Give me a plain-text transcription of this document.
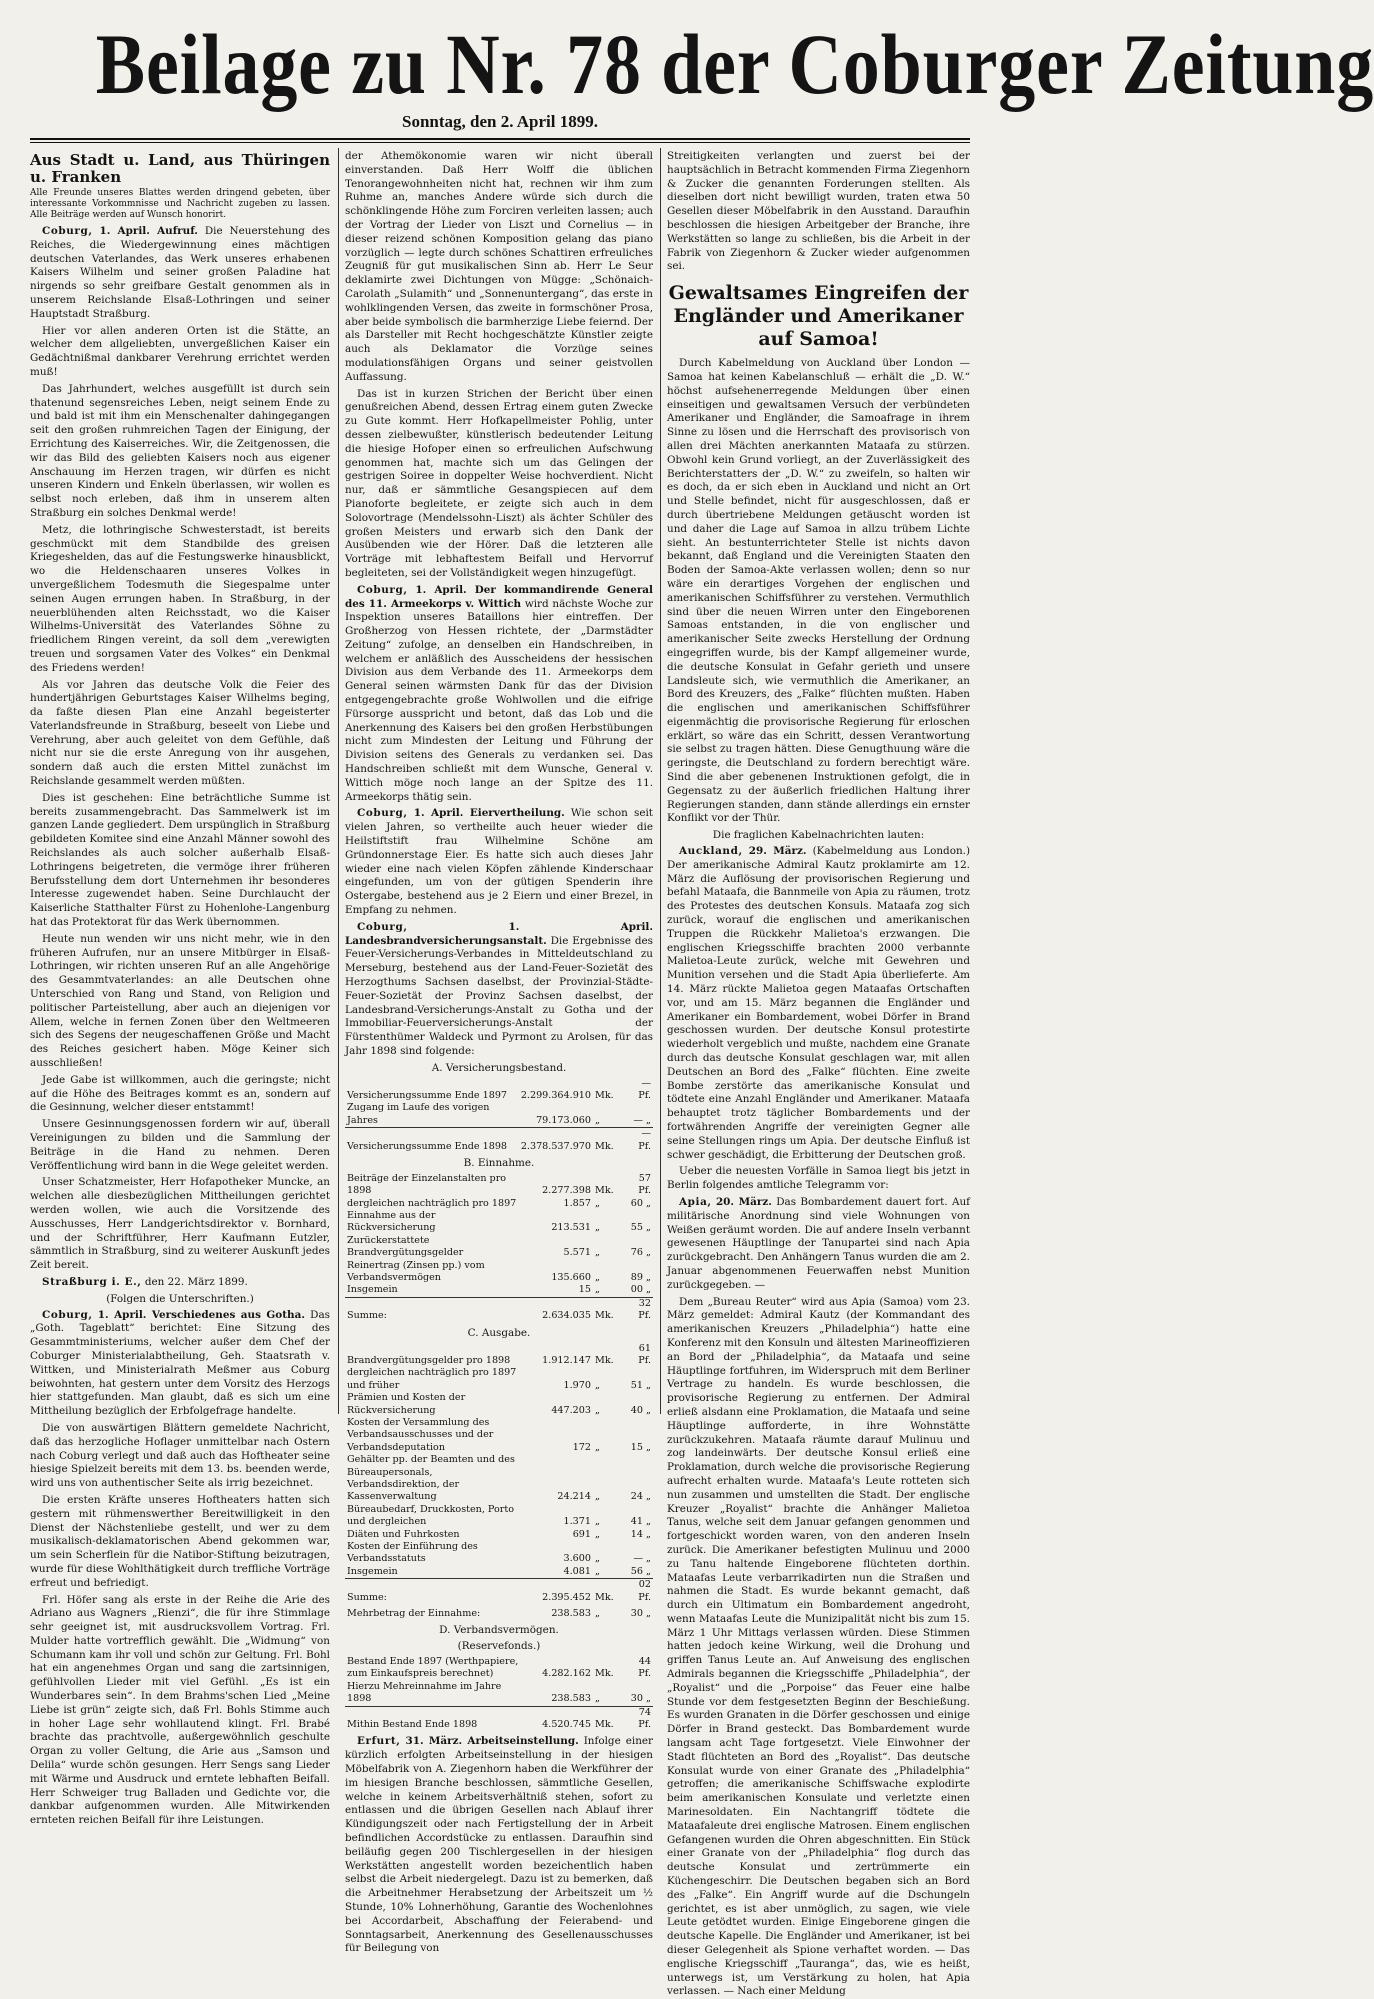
Beilage zu Nr. 78 der Coburger Zeitung
Sonntag, den 2. April 1899.

Aus Stadt u. Land, aus Thüringen u. Franken

Alle Freunde unseres Blattes werden dringend gebeten, über interessante Vorkommnisse und Nachricht zugeben zu lassen. Alle Beiträge werden auf Wunsch honorirt.

Coburg, 1. April. Aufruf. Die Neuerstehung des Reiches, die Wiedergewinnung eines mächtigen deutschen Vaterlandes, das Werk unseres erhabenen Kaisers Wilhelm und seiner großen Paladine hat nirgends so sehr greifbare Gestalt genommen als in unserem Reichslande Elsaß-Lothringen und seiner Hauptstadt Straßburg.

Hier vor allen anderen Orten ist die Stätte, an welcher dem allgeliebten, unvergeßlichen Kaiser ein Gedächtnißmal dankbarer Verehrung errichtet werden muß!

Das Jahrhundert, welches ausgefüllt ist durch sein thatenund segensreiches Leben, neigt seinem Ende zu und bald ist mit ihm ein Menschenalter dahingegangen seit den großen ruhmreichen Tagen der Einigung, der Errichtung des Kaiserreiches. Wir, die Zeitgenossen, die wir das Bild des geliebten Kaisers noch aus eigener Anschauung im Herzen tragen, wir dürfen es nicht unseren Kindern und Enkeln überlassen, wir wollen es selbst noch erleben, daß ihm in unserem alten Straßburg ein solches Denkmal werde!

Metz, die lothringische Schwesterstadt, ist bereits geschmückt mit dem Standbilde des greisen Kriegeshelden, das auf die Festungswerke hinausblickt, wo die Heldenschaaren unseres Volkes in unvergeßlichem Todesmuth die Siegespalme unter seinen Augen errungen haben. In Straßburg, in der neuerblühenden alten Reichsstadt, wo die Kaiser Wilhelms-Universität des Vaterlandes Söhne zu friedlichem Ringen vereint, da soll dem „verewigten treuen und sorgsamen Vater des Volkes“ ein Denkmal des Friedens werden!

Als vor Jahren das deutsche Volk die Feier des hundertjährigen Geburtstages Kaiser Wilhelms beging, da faßte diesen Plan eine Anzahl begeisterter Vaterlandsfreunde in Straßburg, beseelt von Liebe und Verehrung, aber auch geleitet von dem Gefühle, daß nicht nur sie die erste Anregung von ihr ausgehen, sondern daß auch die ersten Mittel zunächst im Reichslande gesammelt werden müßten.

Dies ist geschehen: Eine beträchtliche Summe ist bereits zusammengebracht. Das Sammelwerk ist im ganzen Lande gegliedert. Dem urspünglich in Straßburg gebildeten Komitee sind eine Anzahl Männer sowohl des Reichslandes als auch solcher außerhalb Elsaß-Lothringens beigetreten, die vermöge ihrer früheren Berufsstellung dem dort Unternehmen ihr besonderes Interesse zugewendet haben. Seine Durchlaucht der Kaiserliche Statthalter Fürst zu Hohenlohe-Langenburg hat das Protektorat für das Werk übernommen.

Heute nun wenden wir uns nicht mehr, wie in den früheren Aufrufen, nur an unsere Mitbürger in Elsaß-Lothringen, wir richten unseren Ruf an alle Angehörige des Gesammtvaterlandes: an alle Deutschen ohne Unterschied von Rang und Stand, von Religion und politischer Parteistellung, aber auch an diejenigen vor Allem, welche in fernen Zonen über den Weltmeeren sich des Segens der neugeschaffenen Größe und Macht des Reiches gesichert haben. Möge Keiner sich ausschließen!

Jede Gabe ist willkommen, auch die geringste; nicht auf die Höhe des Beitrages kommt es an, sondern auf die Gesinnung, welcher dieser entstammt!

Unsere Gesinnungsgenossen fordern wir auf, überall Vereinigungen zu bilden und die Sammlung der Beiträge in die Hand zu nehmen. Deren Veröffentlichung wird bann in die Wege geleitet werden.

Unser Schatzmeister, Herr Hofapotheker Muncke, an welchen alle diesbezüglichen Mittheilungen gerichtet werden wollen, wie auch die Vorsitzende des Ausschusses, Herr Landgerichtsdirektor v. Bornhard, und der Schriftführer, Herr Kaufmann Eutzler, sämmtlich in Straßburg, sind zu weiterer Auskunft jedes Zeit bereit.

Straßburg i. E., den 22. März 1899.

(Folgen die Unterschriften.)

Coburg, 1. April. Verschiedenes aus Gotha. Das „Goth. Tageblatt“ berichtet: Eine Sitzung des Gesammtministeriums, welcher außer dem Chef der Coburger Ministerialabtheilung, Geh. Staatsrath v. Wittken, und Ministerialrath Meßmer aus Coburg beiwohnten, hat gestern unter dem Vorsitz des Herzogs hier stattgefunden. Man glaubt, daß es sich um eine Mittheilung bezüglich der Erbfolgefrage handelte.

Die von auswärtigen Blättern gemeldete Nachricht, daß das herzogliche Hoflager unmittelbar nach Ostern nach Coburg verlegt und daß auch das Hoftheater seine hiesige Spielzeit bereits mit dem 13. bs. beenden werde, wird uns von authentischer Seite als irrig bezeichnet.

Die ersten Kräfte unseres Hoftheaters hatten sich gestern mit rühmenswerther Bereitwilligkeit in den Dienst der Nächstenliebe gestellt, und wer zu dem musikalisch-deklamatorischen Abend gekommen war, um sein Scherflein für die Natibor-Stiftung beizutragen, wurde für diese Wohlthätigkeit durch treffliche Vorträge erfreut und befriedigt.

Frl. Höfer sang als erste in der Reihe die Arie des Adriano aus Wagners „Rienzi“, die für ihre Stimmlage sehr geeignet ist, mit ausdrucksvollem Vortrag. Frl. Mulder hatte vortrefflich gewählt. Die „Widmung“ von Schumann kam ihr voll und schön zur Geltung. Frl. Bohl hat ein angenehmes Organ und sang die zartsinnigen, gefühlvollen Lieder mit viel Gefühl. „Es ist ein Wunderbares sein“. In dem Brahms'schen Lied „Meine Liebe ist grün“ zeigte sich, daß Frl. Bohls Stimme auch in hoher Lage sehr wohllautend klingt. Frl. Brabé brachte das prachtvolle, außergewöhnlich geschulte Organ zu voller Geltung, die Arie aus „Samson und Delila“ wurde schön gesungen. Herr Sengs sang Lieder mit Wärme und Ausdruck und erntete lebhaften Beifall. Herr Schweiger trug Balladen und Gedichte vor, die dankbar aufgenommen wurden. Alle Mitwirkenden ernteten reichen Beifall für ihre Leistungen.

der Athemökonomie waren wir nicht überall einverstanden. Daß Herr Wolff die üblichen Tenorangewohnheiten nicht hat, rechnen wir ihm zum Ruhme an, manches Andere würde sich durch die schönklingende Höhe zum Forciren verleiten lassen; auch der Vortrag der Lieder von Liszt und Cornelius — in dieser reizend schönen Komposition gelang das piano vorzüglich — legte durch schönes Schattiren erfreuliches Zeugniß für gut musikalischen Sinn ab. Herr Le Seur deklamirte zwei Dichtungen von Mügge: „Schönaich-Carolath „Sulamith“ und „Sonnenuntergang“, das erste in wohlklingenden Versen, das zweite in formschöner Prosa, aber beide symbolisch die barmherzige Liebe feiernd. Der als Darsteller mit Recht hochgeschätzte Künstler zeigte auch als Deklamator die Vorzüge seines modulationsfähigen Organs und seiner geistvollen Auffassung.

Das ist in kurzen Strichen der Bericht über einen genußreichen Abend, dessen Ertrag einem guten Zwecke zu Gute kommt. Herr Hofkapellmeister Pohlig, unter dessen zielbewußter, künstlerisch bedeutender Leitung die hiesige Hofoper einen so erfreulichen Aufschwung genommen hat, machte sich um das Gelingen der gestrigen Soiree in doppelter Weise hochverdient. Nicht nur, daß er sämmtliche Gesangspiecen auf dem Pianoforte begleitete, er zeigte sich auch in dem Solovortrage (Mendelssohn-Liszt) als ächter Schüler des großen Meisters und erwarb sich den Dank der Ausübenden wie der Hörer. Daß die letzteren alle Vorträge mit lebhaftestem Beifall und Hervorruf begleiteten, sei der Vollständigkeit wegen hinzugefügt.

Coburg, 1. April. Der kommandirende General des 11. Armeekorps v. Wittich wird nächste Woche zur Inspektion unseres Bataillons hier eintreffen. Der Großherzog von Hessen richtete, der „Darmstädter Zeitung“ zufolge, an denselben ein Handschreiben, in welchem er anläßlich des Ausscheidens der hessischen Division aus dem Verbande des 11. Armeekorps dem General seinen wärmsten Dank für das der Division entgegengebrachte große Wohlwollen und die eifrige Fürsorge ausspricht und betont, daß das Lob und die Anerkennung des Kaisers bei den großen Herbstübungen nicht zum Mindesten der Leitung und Führung der Division seitens des Generals zu verdanken sei. Das Handschreiben schließt mit dem Wunsche, General v. Wittich möge noch lange an der Spitze des 11. Armeekorps thätig sein.

Coburg, 1. April. Eiervertheilung. Wie schon seit vielen Jahren, so vertheilte auch heuer wieder die Heilstiftstift frau Wilhelmine Schöne am Gründonnerstage Eier. Es hatte sich auch dieses Jahr wieder eine nach vielen Köpfen zählende Kinderschaar eingefunden, um von der gütigen Spenderin ihre Ostergabe, bestehend aus je 2 Eiern und einer Brezel, in Empfang zu nehmen.

Coburg,	1. April. Landesbrandversicherungsanstalt. Die Ergebnisse des Feuer-Versicherungs-Verbandes in Mitteldeutschland zu Merseburg, bestehend aus der Land-Feuer-Sozietät des Herzogthums Sachsen daselbst, der Provinzial-Städte-Feuer-Sozietät der Provinz Sachsen daselbst, der Landesbrand-Versicherungs-Anstalt zu Gotha und der Immobiliar-Feuerversicherungs-Anstalt der Fürstenthümer Waldeck und Pyrmont zu Arolsen, für das Jahr 1898 sind folgende:

A. Versicherungsbestand.

Versicherungssumme Ende 1897	2.299.364.910	Mk.	— Pf.
Zugang im Laufe des vorigen Jahres	79.173.060	„	— „
Versicherungssumme Ende 1898	2.378.537.970	Mk.	— Pf.

B. Einnahme.

Beiträge der Einzelanstalten pro 1898	2.277.398	Mk.	57 Pf.
dergleichen nachträglich pro 1897	1.857	„	60 „
Einnahme aus der Rückversicherung	213.531	„	55 „
Zurückerstattete Brandvergütungsgelder	5.571	„	76 „
Reinertrag (Zinsen pp.) vom Verbandsvermögen	135.660	„	89 „
Insgemein	15	„	00 „
Summe:	2.634.035	Mk.	32 Pf.

C. Ausgabe.

Brandvergütungsgelder pro 1898	1.912.147	Mk.	61 Pf.
dergleichen nachträglich pro 1897 und früher	1.970	„	51 „
Prämien und Kosten der Rückversicherung	447.203	„	40 „
Kosten der Versammlung des Verbandsausschusses und der Verbandsdeputation	172	„	15 „
Gehälter pp. der Beamten und des Büreaupersonals, Verbandsdirektion, der Kassenverwaltung	24.214	„	24 „
Büreaubedarf, Druckkosten, Porto und dergleichen	1.371	„	41 „
Diäten und Fuhrkosten	691	„	14 „
Kosten der Einführung des Verbandsstatuts	3.600	„	— „
Insgemein	4.081	„	56 „
Summe:	2.395.452	Mk.	02 Pf.
Mehrbetrag der Einnahme:	238.583	„	30 „

D. Verbandsvermögen.

(Reservefonds.)

Bestand Ende 1897 (Werthpapiere, zum Einkaufspreis berechnet)	4.282.162	Mk.	44 Pf.
Hierzu Mehreinnahme im Jahre 1898	238.583	„	30 „
Mithin Bestand Ende 1898	4.520.745	Mk.	74 Pf.

Erfurt, 31. März. Arbeitseinstellung. Infolge einer kürzlich erfolgten Arbeitseinstellung in der hiesigen Möbelfabrik von A. Ziegenhorn haben die Werkführer der im hiesigen Branche beschlossen, sämmtliche Gesellen, welche in keinem Arbeitsverhältniß stehen, sofort zu entlassen und die übrigen Gesellen nach Ablauf ihrer Kündigungszeit oder nach Fertigstellung der in Arbeit befindlichen Accordstücke zu entlassen. Daraufhin sind beiläufig gegen 200 Tischlergesellen in der hiesigen Werkstätten angestellt worden bezeichentlich haben selbst die Arbeit niedergelegt. Dazu ist zu bemerken, daß die Arbeitnehmer Herabsetzung der Arbeitszeit um ½ Stunde, 10% Lohnerhöhung, Garantie des Wochenlohnes bei Accordarbeit, Abschaffung der Feierabend- und Sonntagsarbeit, Anerkennung des Gesellenausschusses für Beilegung von

Streitigkeiten verlangten und zuerst bei der hauptsächlich in Betracht kommenden Firma Ziegenhorn & Zucker die genannten Forderungen stellten. Als dieselben dort nicht bewilligt wurden, traten etwa 50 Gesellen dieser Möbelfabrik in den Ausstand. Daraufhin beschlossen die hiesigen Arbeitgeber der Branche, ihre Werkstätten so lange zu schließen, bis die Arbeit in der Fabrik von Ziegenhorn & Zucker wieder aufgenommen sei.

Gewaltsames Eingreifen der Engländer und Amerikaner auf Samoa!

Durch Kabelmeldung von Auckland über London — Samoa hat keinen Kabelanschluß — erhält die „D. W.“ höchst aufsehenerregende Meldungen über einen einseitigen und gewaltsamen Versuch der verbündeten Amerikaner und Engländer, die Samoafrage in ihrem Sinne zu lösen und die Herrschaft des provisorisch von allen drei Mächten anerkannten Mataafa zu stürzen. Obwohl kein Grund vorliegt, an der Zuverlässigkeit des Berichterstatters der „D. W.“ zu zweifeln, so halten wir es doch, da er sich eben in Auckland und nicht an Ort und Stelle befindet, nicht für ausgeschlossen, daß er durch übertriebene Meldungen getäuscht worden ist und daher die Lage auf Samoa in allzu trübem Lichte sieht. An bestunterrichteter Stelle ist nichts davon bekannt, daß England und die Vereinigten Staaten den Boden der Samoa-Akte verlassen wollen; denn so nur wäre ein derartiges Vorgehen der englischen und amerikanischen Schiffsführer zu verstehen. Vermuthlich sind über die neuen Wirren unter den Eingeborenen Samoas entstanden, in die von englischer und amerikanischer Seite zwecks Herstellung der Ordnung eingegriffen wurde, bis der Kampf allgemeiner wurde, die deutsche Konsulat in Gefahr gerieth und unsere Landsleute sich, wie vermuthlich die Amerikaner, an Bord des Kreuzers, des „Falke“ flüchten mußten. Haben die englischen und amerikanischen Schiffsführer eigenmächtig die provisorische Regierung für erloschen erklärt, so wäre das ein Schritt, dessen Verantwortung sie selbst zu tragen hätten. Diese Genugthuung wäre die geringste, die Deutschland zu fordern berechtigt wäre. Sind die aber gebenenen Instruktionen gefolgt, die in Gegensatz zu der äußerlich friedlichen Haltung ihrer Regierungen standen, dann stände allerdings ein ernster Konflikt vor der Thür.

Die fraglichen Kabelnachrichten lauten:

Auckland, 29. März. (Kabelmeldung aus London.) Der amerikanische Admiral Kautz proklamirte am 12. März die Auflösung der provisorischen Regierung und befahl Mataafa, die Bannmeile von Apia zu räumen, trotz des Protestes des deutschen Konsuls. Mataafa zog sich zurück, worauf die englischen und amerikanischen Truppen die Rückkehr Malietoa's erzwangen. Die englischen Kriegsschiffe brachten 2000 verbannte Malietoa-Leute zurück, welche mit Gewehren und Munition versehen und die Stadt Apia überlieferte. Am 14. März rückte Malietoa gegen Mataafas Ortschaften vor, und am 15. März begannen die Engländer und Amerikaner ein Bombardement, wobei Dörfer in Brand geschossen wurden. Der deutsche Konsul protestirte wiederholt vergeblich und mußte, nachdem eine Granate durch das deutsche Konsulat geschlagen war, mit allen Deutschen an Bord des „Falke“ flüchten. Eine zweite Bombe zerstörte das amerikanische Konsulat und tödtete eine Anzahl Engländer und Amerikaner. Mataafa behauptet trotz täglicher Bombardements und der fortwährenden Angriffe der vereinigten Gegner alle seine Stellungen rings um Apia. Der deutsche Einfluß ist schwer geschädigt, die Erbitterung der Deutschen groß.

Ueber die neuesten Vorfälle in Samoa liegt bis jetzt in Berlin folgendes amtliche Telegramm vor:

Apia, 20. März. Das Bombardement dauert fort. Auf militärische Anordnung sind viele Wohnungen von Weißen geräumt worden. Die auf andere Inseln verbannt gewesenen Häuptlinge der Tanupartei sind nach Apia zurückgebracht. Den Anhängern Tanus wurden die am 2. Januar abgenommenen Feuerwaffen nebst Munition zurückgegeben. —

Dem „Bureau Reuter“ wird aus Apia (Samoa) vom 23. März gemeldet: Admiral Kautz (der Kommandant des amerikanischen Kreuzers „Philadelphia“) hatte eine Konferenz mit den Konsuln und ältesten Marineoffizieren an Bord der „Philadelphia“, da Mataafa und seine Häuptlinge fortfuhren, im Widerspruch mit dem Berliner Vertrage zu handeln. Es wurde beschlossen, die provisorische Regierung zu entfernen. Der Admiral erließ alsdann eine Proklamation, die Mataafa und seine Häuptlinge aufforderte, in ihre Wohnstätte zurückzukehren. Mataafa räumte darauf Mulinuu und zog landeinwärts. Der deutsche Konsul erließ eine Proklamation, durch welche die provisorische Regierung aufrecht erhalten wurde. Mataafa's Leute rotteten sich nun zusammen und umstellten die Stadt. Der englische Kreuzer „Royalist“ brachte die Anhänger Malietoa Tanus, welche seit dem Januar gefangen genommen und fortgeschickt worden waren, von den anderen Inseln zurück. Die Amerikaner befestigten Mulinuu und 2000 zu Tanu haltende Eingeborene flüchteten dorthin. Mataafas Leute verbarrikadirten nun die Straßen und nahmen die Stadt. Es wurde bekannt gemacht, daß durch ein Ultimatum ein Bombardement angedroht, wenn Mataafas Leute die Munizipalität nicht bis zum 15. März 1 Uhr Mittags verlassen würden. Diese Stimmen hatten jedoch keine Wirkung, weil die Drohung und griffen Tanus Leute an. Auf Anweisung des englischen Admirals begannen die Kriegsschiffe „Philadelphia“, der „Royalist“ und die „Porpoise“ das Feuer eine halbe Stunde vor dem festgesetzten Beginn der Beschießung. Es wurden Granaten in die Dörfer geschossen und einige Dörfer in Brand gesteckt. Das Bombardement wurde langsam acht Tage fortgesetzt. Viele Einwohner der Stadt flüchteten an Bord des „Royalist“. Das deutsche Konsulat wurde von einer Granate des „Philadelphia“ getroffen; die amerikanische Schiffswache explodirte beim amerikanischen Konsulate und verletzte einen Marinesoldaten. Ein Nachtangriff tödtete die Mataafaleute drei englische Matrosen. Einem englischen Gefangenen wurden die Ohren abgeschnitten. Ein Stück einer Granate von der „Philadelphia“ flog durch das deutsche Konsulat und zertrümmerte ein Küchengeschirr. Die Deutschen begaben sich an Bord des „Falke“. Ein Angriff wurde auf die Dschungeln gerichtet, es ist aber unmöglich, zu sagen, wie viele Leute getödtet wurden. Einige Eingeborene gingen die deutsche Kapelle. Die Engländer und Amerikaner, ist bei dieser Gelegenheit als Spione verhaftet worden. — Das englische Kriegsschiff „Tauranga“, das, wie es heißt, unterwegs ist, um Verstärkung zu holen, hat Apia verlassen. — Nach einer Meldung
